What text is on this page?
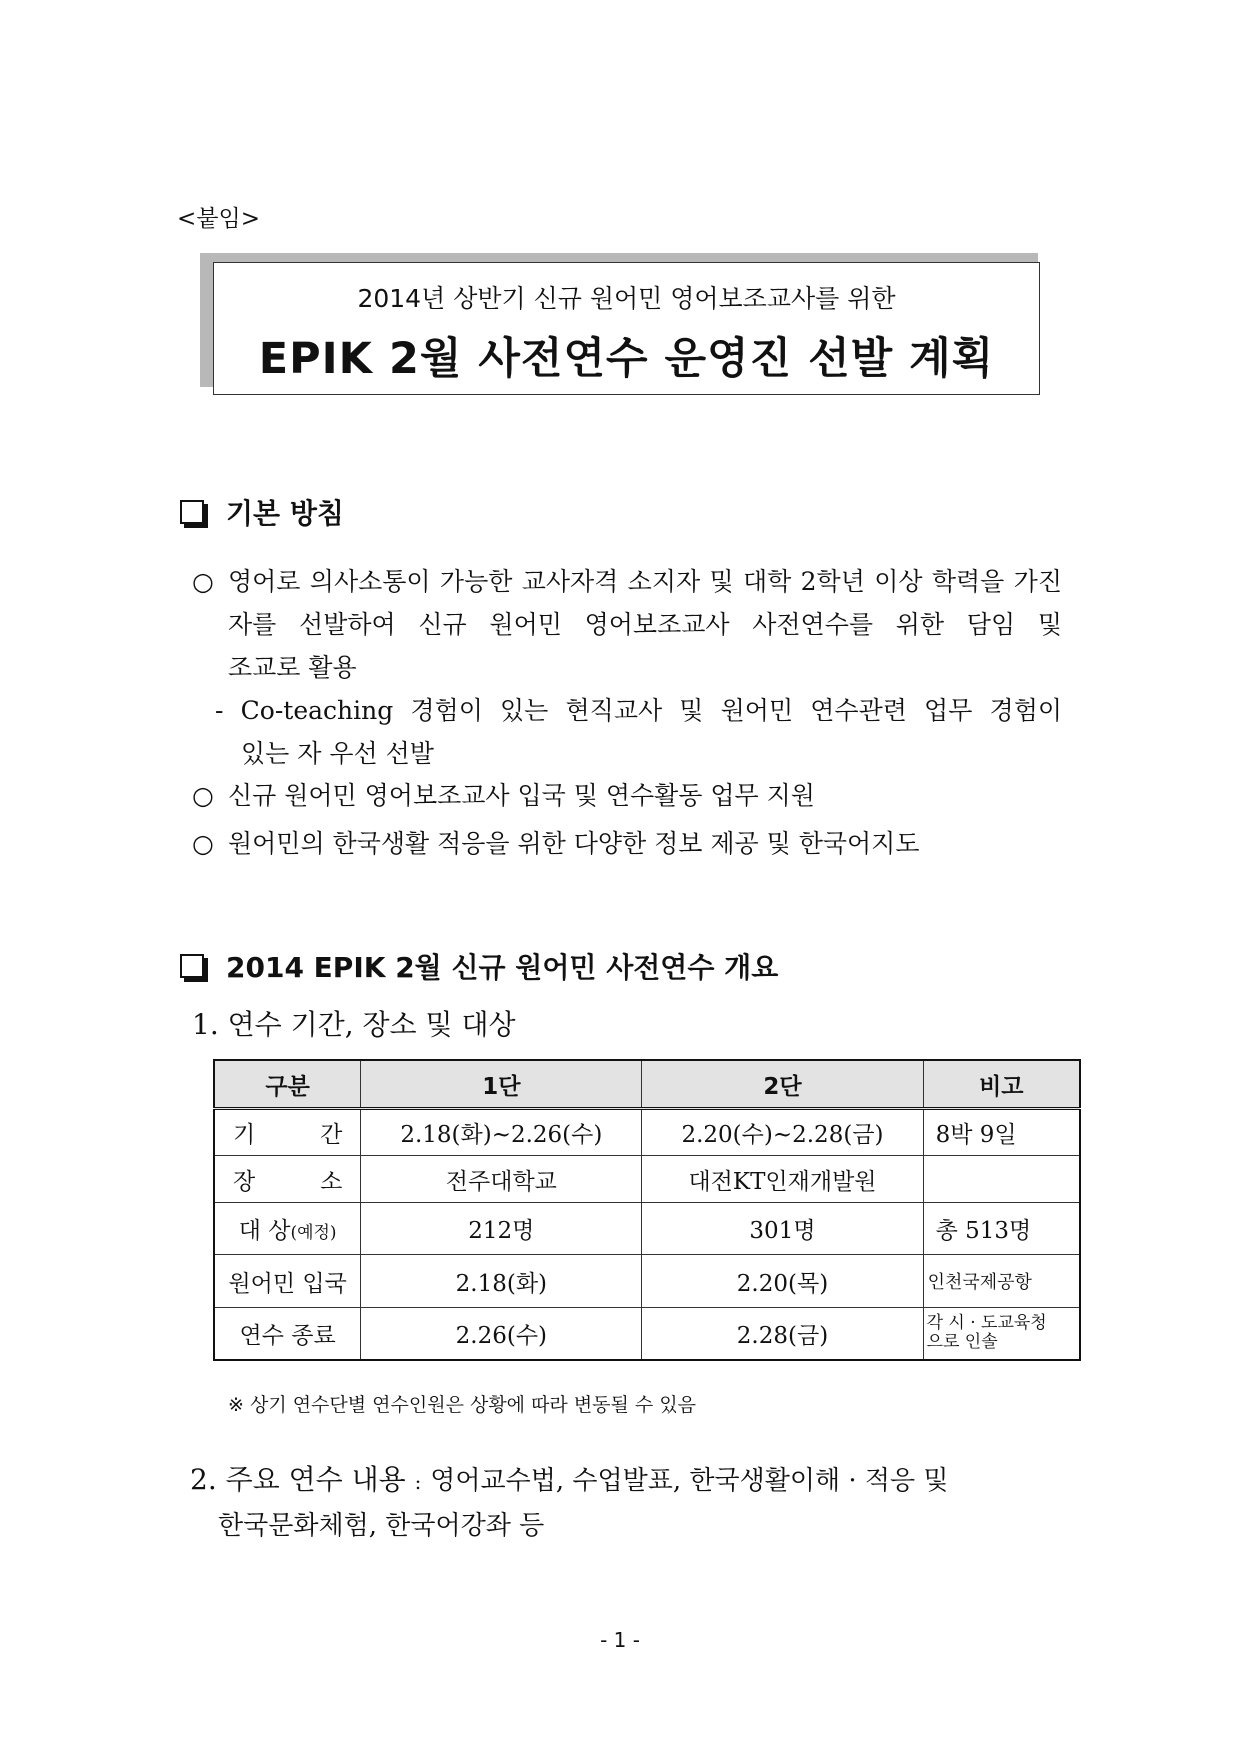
<붙임>
2014년 상반기 신규 원어민 영어보조교사를 위한
EPIK 2월 사전연수 운영진 선발 계획
기본 방침
○ 영어로 의사소통이 가능한 교사자격 소지자 및 대학 2학년 이상 학력을 가진
자를 선발하여 신규 원어민 영어보조교사 사전연수를 위한 담임 및
조교로 활용
- Co-teaching 경험이 있는 현직교사 및 원어민 연수관련 업무 경험이
있는 자 우선 선발
○ 신규 원어민 영어보조교사 입국 및 연수활동 업무 지원
○ 원어민의 한국생활 적응을 위한 다양한 정보 제공 및 한국어지도
2014 EPIK 2월 신규 원어민 사전연수 개요
1. 연수 기간, 장소 및 대상
구분	1단	2단	비고

기 간	2.18(화)~2.26(수)	2.20(수)~2.28(금)	8박 9일

장 소	전주대학교	대전KT인재개발원	
대 상(예정)	212명	301명	총 513명
원어민 입국	2.18(화)	2.20(목)	인천국제공항
연수 종료	2.26(수)	2.28(금)	각 시 · 도교육청
으로 인솔
※ 상기 연수단별 연수인원은 상황에 따라 변동될 수 있음
2. 주요 연수 내용 : 영어교수법, 수업발표, 한국생활이해 · 적응 및
한국문화체험, 한국어강좌 등
- 1 -
